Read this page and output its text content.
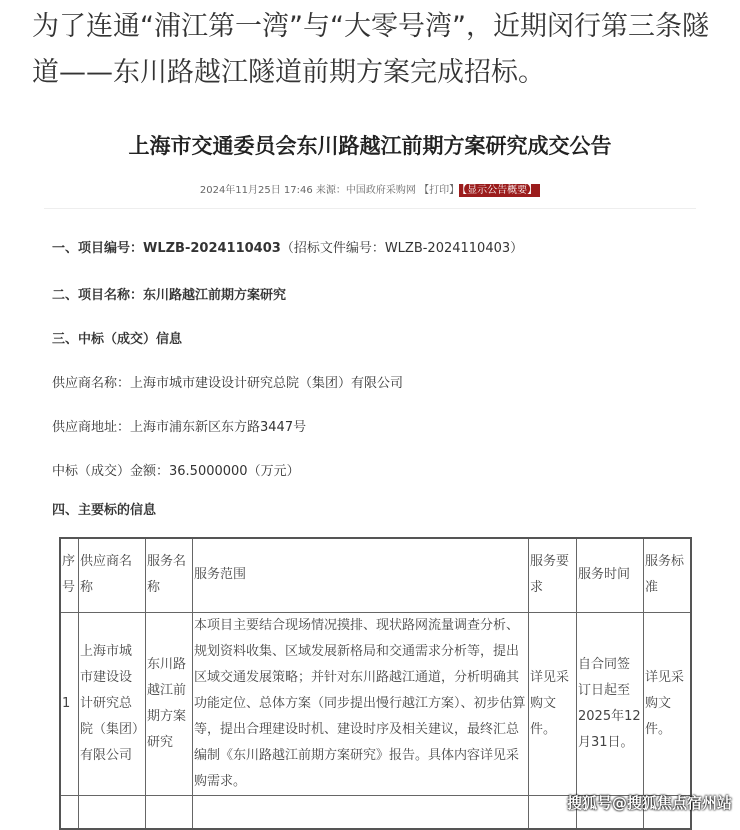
为了连通“浦江第一湾”与“大零号湾”，近期闵行第三条隧道——东川路越江隧道前期方案完成招标。
上海市交通委员会东川路越江前期方案研究成交公告
2024年11月25日 17:46 来源：中国政府采购网 【打印】 【显示公告概要】
一、项目编号：WLZB-2024110403（招标文件编号：WLZB-2024110403）
二、项目名称：东川路越江前期方案研究
三、中标（成交）信息
供应商名称：上海市城市建设设计研究总院（集团）有限公司
供应商地址：上海市浦东新区东方路3447号
中标（成交）金额：36.5000000（万元）
四、主要标的信息
序号	供应商名称	服务名称	服务范围	服务要求	服务时间	服务标准
1	上海市城市建设设计研究总院（集团）有限公司	东川路越江前期方案研究	本项目主要结合现场情况摸排、现状路网流量调查分析、规划资料收集、区域发展新格局和交通需求分析等，提出区域交通发展策略；并针对东川路越江通道，分析明确其功能定位、总体方案（同步提出慢行越江方案）、初步估算等，提出合理建设时机、建设时序及相关建议，最终汇总编制《东川路越江前期方案研究》报告。具体内容详见采购需求。	详见采购文件。	自合同签订日起至2025年12月31日。	详见采购文件。

搜狐号@搜狐焦点宿州站
